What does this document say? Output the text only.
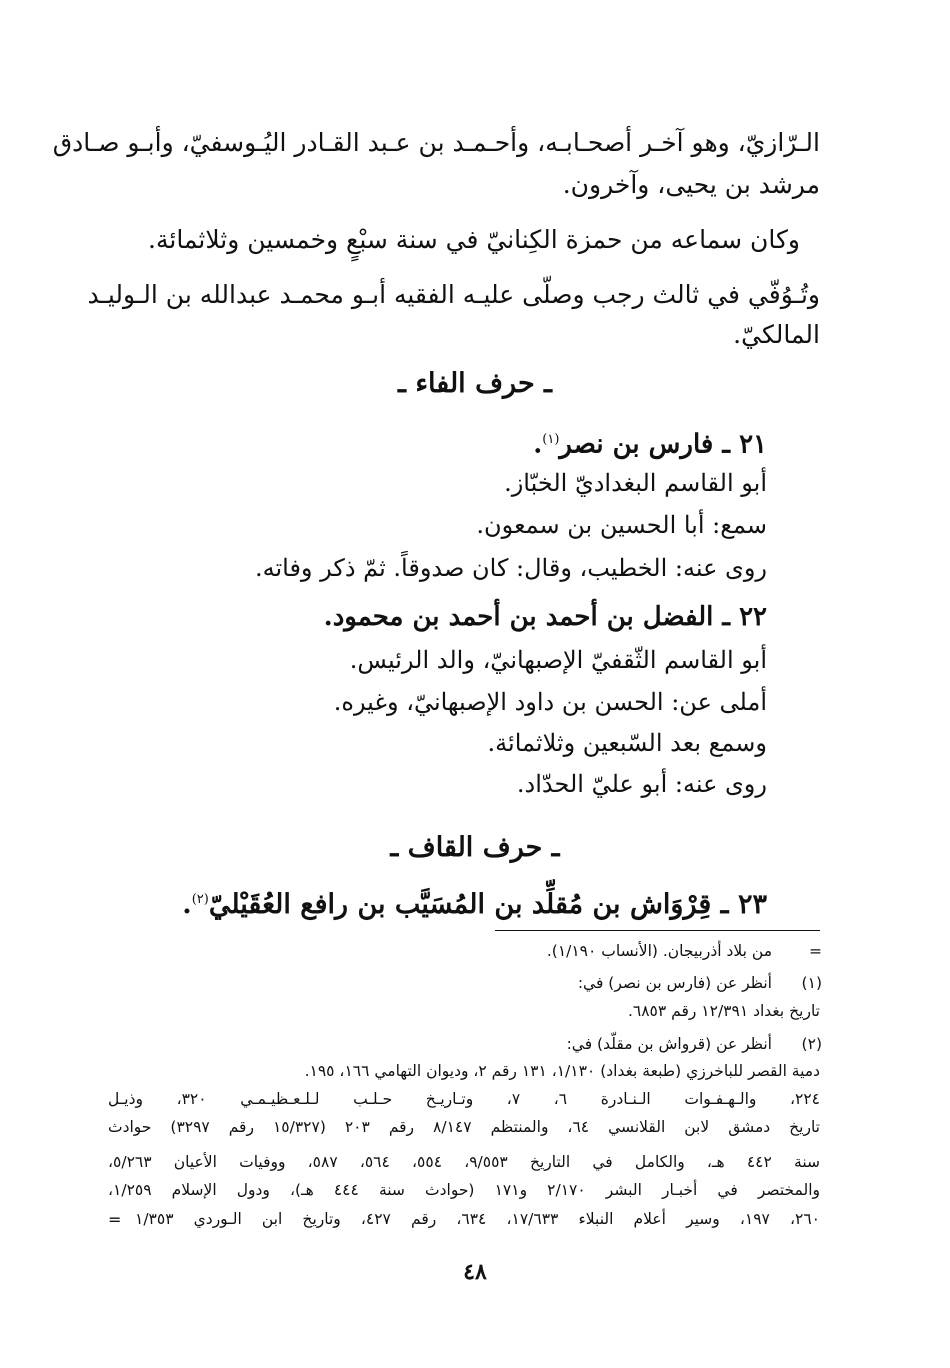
الـرّازيّ، وهو آخـر أصحـابـه، وأحـمـد بن عـبد القـادر اليُـوسفيّ، وأبـو صـادق
مرشد بن يحيى، وآخرون.
وكان سماعه من حمزة الكِنانيّ في سنة سبْعٍ وخمسين وثلاثمائة.
وتُـوُفّي في ثالث رجب وصلّى عليـه الفقيه أبـو محمـد عبدالله بن الـوليـد
المالكيّ.
ـ حرف الفاء ـ
٢١ ـ فارس بن نصر$^{(١)}$.
أبو القاسم البغداديّ الخبّاز.
سمع: أبا الحسين بن سمعون.
روى عنه: الخطيب، وقال: كان صدوقاً. ثمّ ذكر وفاته.
٢٢ ـ الفضل بن أحمد بن أحمد بن محمود.
أبو القاسم الثّقفيّ الإصبهانيّ، والد الرئيس.
أملى عن: الحسن بن داود الإصبهانيّ، وغيره.
وسمع بعد السّبعين وثلاثمائة.
روى عنه: أبو عليّ الحدّاد.
ـ حرف القاف ـ
٢٣ ـ قِرْوَاش بن مُقلِّد بن المُسَيَّب بن رافع العُقَيْليّ$^{(٢)}$.
=
من بلاد أذربيجان. (الأنساب ١/١٩٠).
(١)
أنظر عن (فارس بن نصر) في:
تاريخ بغداد ١٢/٣٩١ رقم ٦٨٥٣.
(٢)
أنظر عن (قرواش بن مقلّد) في:
دمية القصر للباخرزي (طبعة بغداد) ١/١٣٠، ١٣١ رقم ٢، وديوان التهامي ١٦٦، ١٩٥.
٢٢٤، والـهـفـوات الـنـادرة ٦، ٧، وتـاريـخ حـلـب لـلـعـظيـمـي ٣٢٠، وذيـل
تاريخ دمشق لابن القلانسي ٦٤، والمنتظم ٨/١٤٧ رقم ٢٠٣ (١٥/٣٢٧ رقم ٣٢٩٧) حوادث
سنة ٤٤٢ هـ، والكامل في التاريخ ٩/٥٥٣، ٥٥٤، ٥٦٤، ٥٨٧، ووفيات الأعيان ٥/٢٦٣،
والمختصر في أخبـار البشر ٢/١٧٠ و١٧١ (حوادث سنة ٤٤٤ هـ)، ودول الإسلام ١/٢٥٩،
٢٦٠، ١٩٧، وسير أعلام النبلاء ١٧/٦٣٣، ٦٣٤، رقم ٤٢٧، وتاريخ ابن الـوردي ١/٣٥٣
=
٤٨
